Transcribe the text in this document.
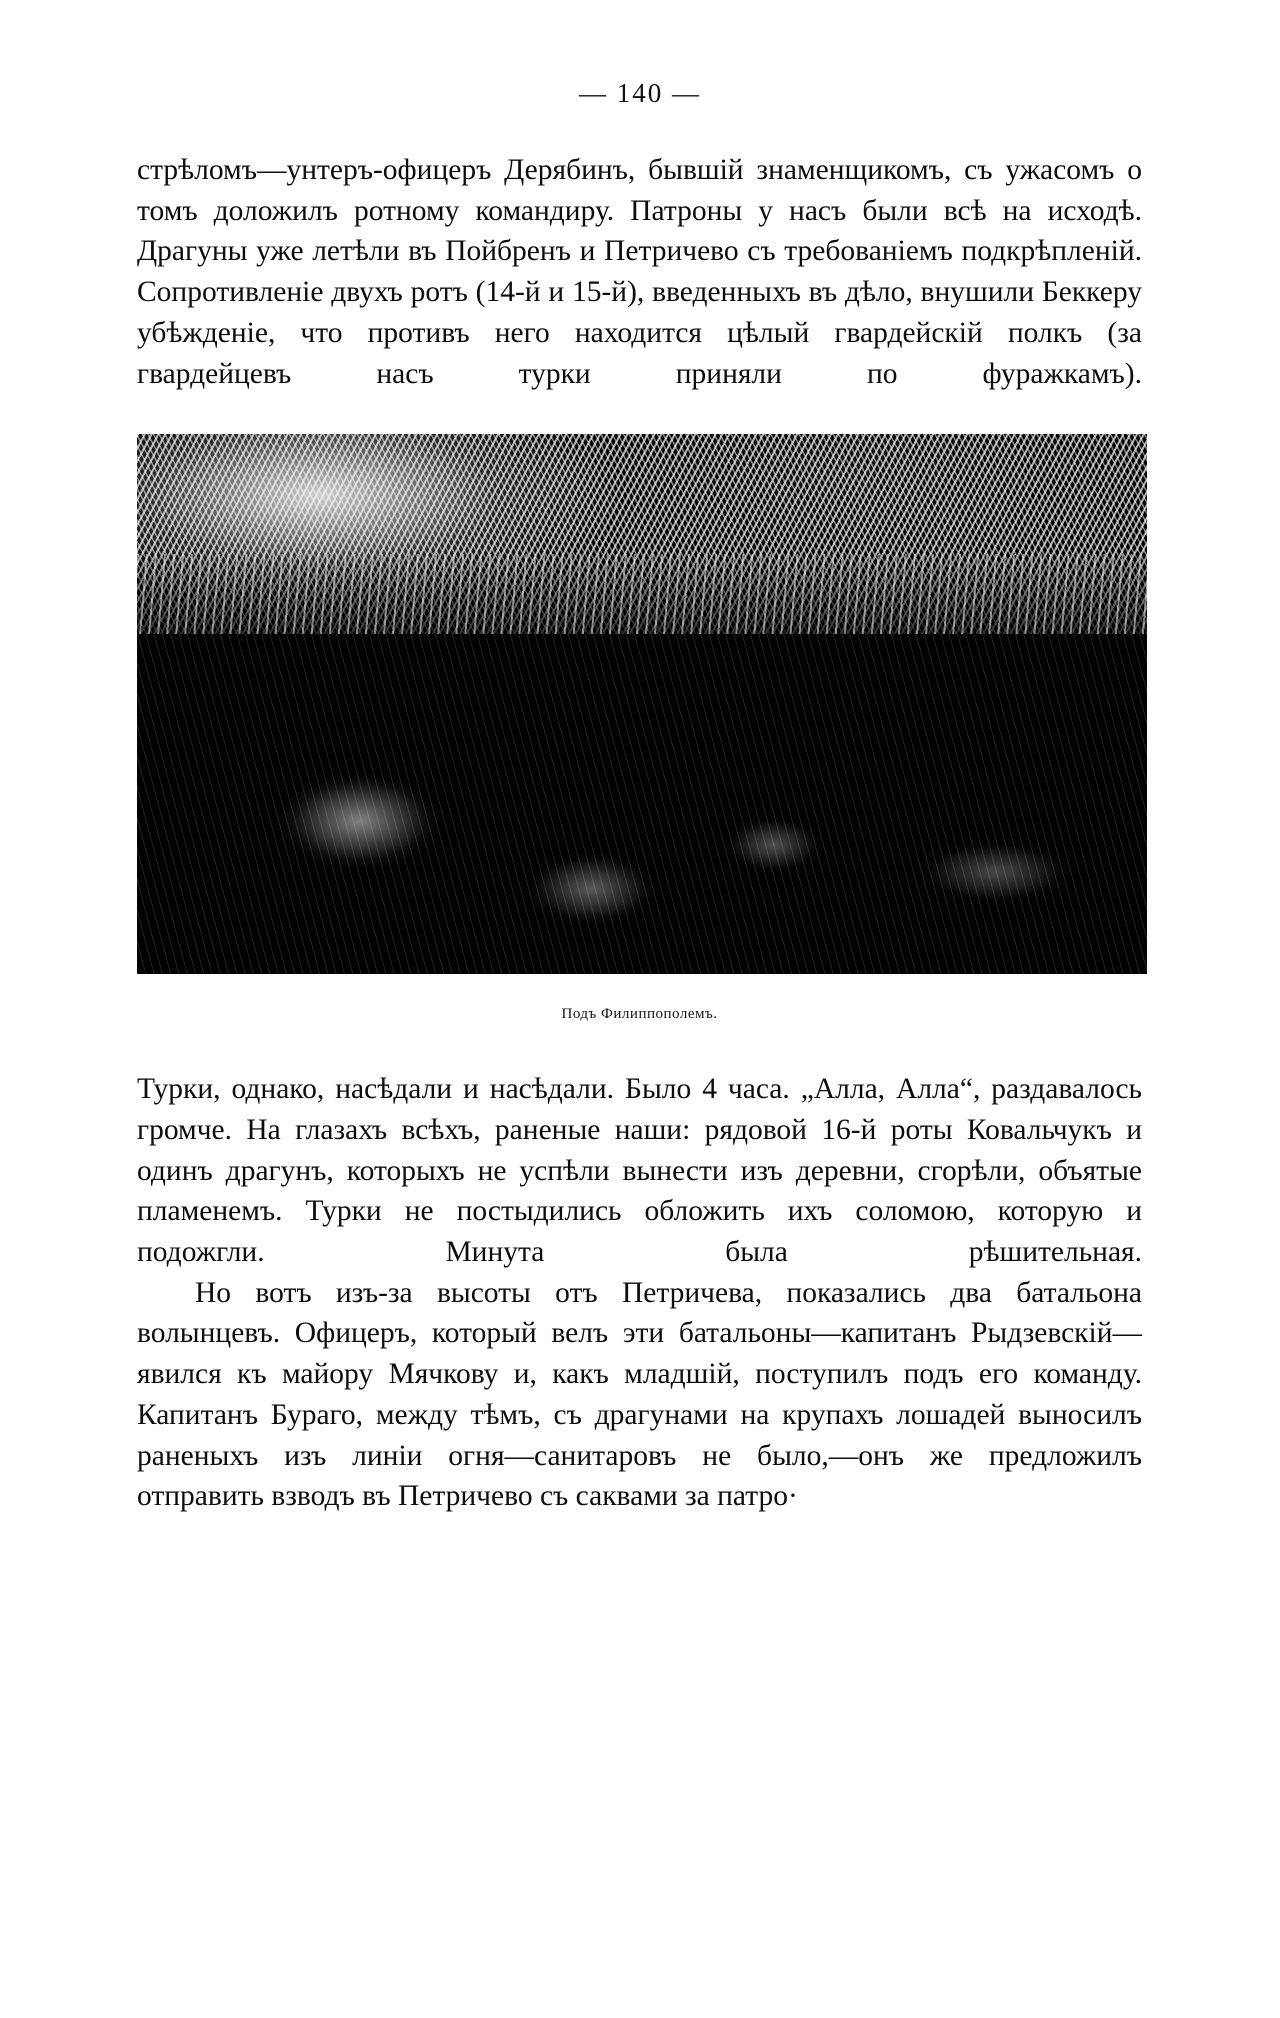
— 140 —

стрѣломъ—унтеръ-офицеръ Дерябинъ, бывшій знаменщикомъ, съ ужасомъ о томъ доложилъ ротному командиру. Патроны у насъ были всѣ на исходѣ. Драгуны уже летѣли въ Пойбренъ и Петричево съ требованіемъ подкрѣпленій. Сопротивленіе двухъ ротъ (14-й и 15-й), введенныхъ въ дѣло, внушили Беккеру убѣжденіе, что противъ него находится цѣлый гвардейскій полкъ (за гвардейцевъ насъ турки приняли по фуражкамъ).

Подъ Филиппополемъ.

Турки, однако, насѣдали и насѣдали. Было 4 часа. „Алла, Алла“, раздавалось громче. На глазахъ всѣхъ, раненые наши: рядовой 16-й роты Ковальчукъ и одинъ драгунъ, которыхъ не успѣли вынести изъ деревни, сгорѣли, объятые пламенемъ. Турки не постыдились обложить ихъ соломою, которую и подожгли. Минута была рѣшительная.

Но вотъ изъ-за высоты отъ Петричева, показались два батальона волынцевъ. Офицеръ, который велъ эти батальоны—капитанъ Рыдзевскій—явился къ майору Мячкову и, какъ младшій, поступилъ подъ его команду. Капитанъ Бураго, между тѣмъ, съ драгунами на крупахъ лошадей выносилъ раненыхъ изъ линіи огня—санитаровъ не было,—онъ же предложилъ отправить взводъ въ Петричево съ саквами за патро·
